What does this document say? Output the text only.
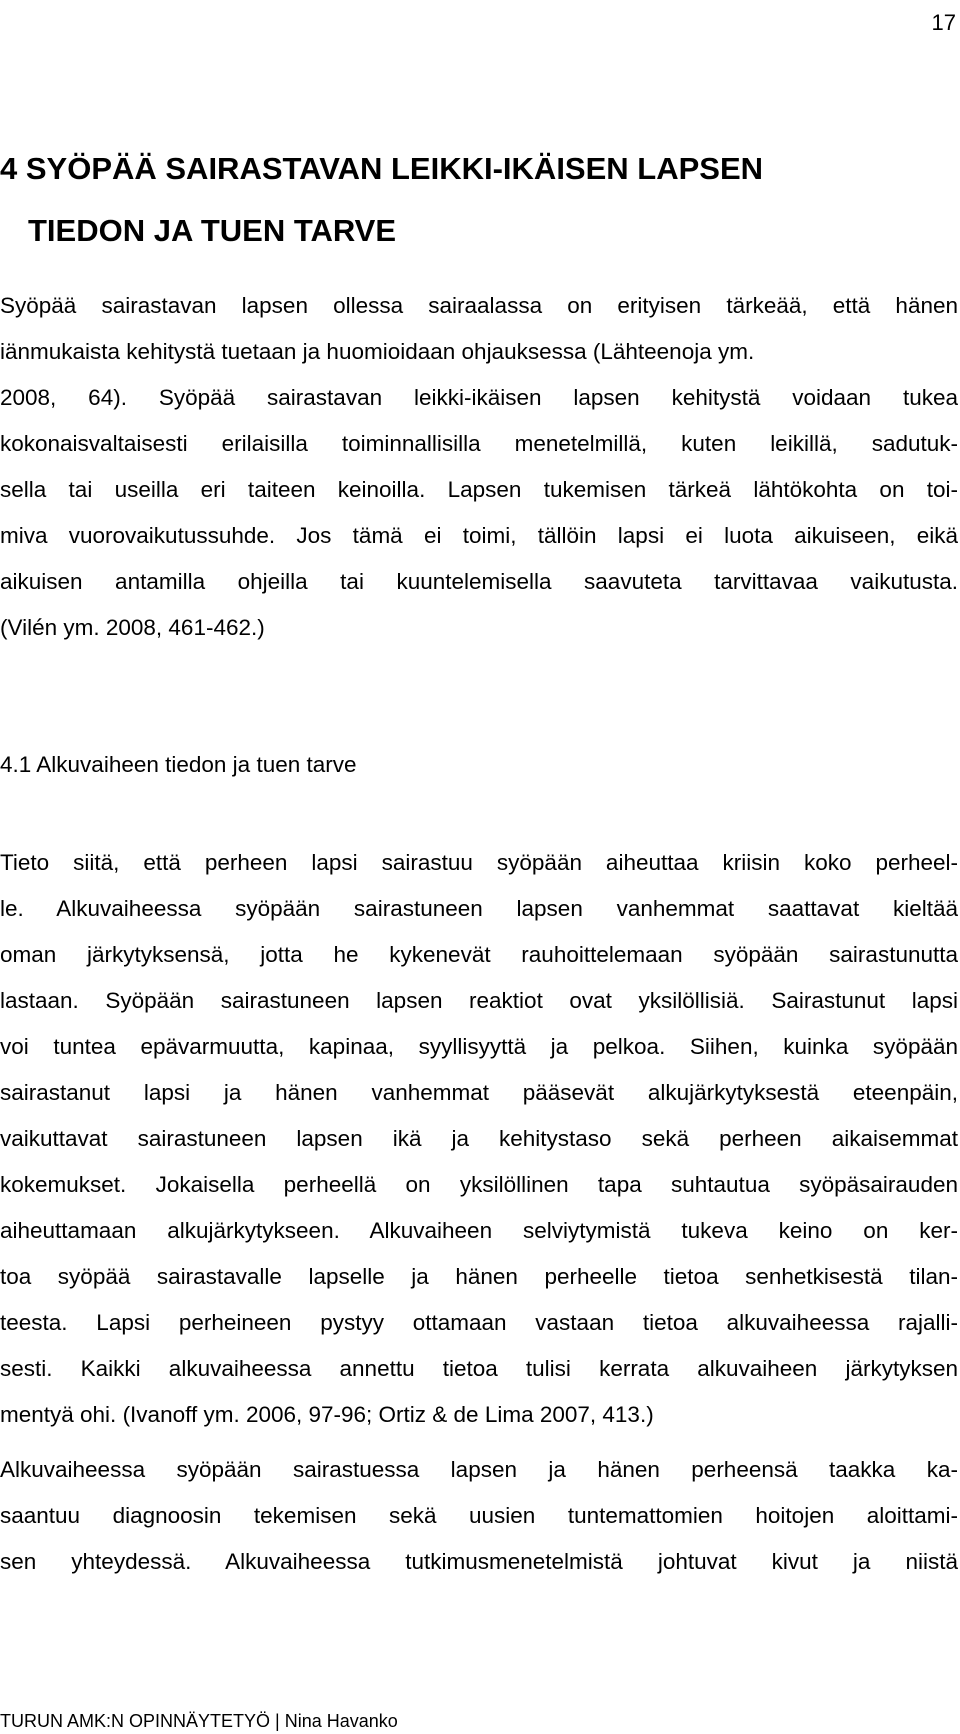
17
4 SYÖPÄÄ SAIRASTAVAN LEIKKI-IKÄISEN LAPSEN
TIEDON JA TUEN TARVE
Syöpää sairastavan lapsen ollessa sairaalassa on erityisen tärkeää, että hänen
iänmukaista kehitystä tuetaan ja huomioidaan ohjauksessa (Lähteenoja ym.
2008, 64). Syöpää sairastavan leikki-ikäisen lapsen kehitystä voidaan tukea
kokonaisvaltaisesti erilaisilla toiminnallisilla menetelmillä, kuten leikillä, sadutuk-
sella tai useilla eri taiteen keinoilla. Lapsen tukemisen tärkeä lähtökohta on toi-
miva vuorovaikutussuhde. Jos tämä ei toimi, tällöin lapsi ei luota aikuiseen, eikä
aikuisen antamilla ohjeilla tai kuuntelemisella saavuteta tarvittavaa vaikutusta.
(Vilén ym. 2008, 461-462.)
4.1 Alkuvaiheen tiedon ja tuen tarve
Tieto siitä, että perheen lapsi sairastuu syöpään aiheuttaa kriisin koko perheel-
le. Alkuvaiheessa syöpään sairastuneen lapsen vanhemmat saattavat kieltää
oman järkytyksensä, jotta he kykenevät rauhoittelemaan syöpään sairastunutta
lastaan. Syöpään sairastuneen lapsen reaktiot ovat yksilöllisiä. Sairastunut lapsi
voi tuntea epävarmuutta, kapinaa, syyllisyyttä ja pelkoa. Siihen, kuinka syöpään
sairastanut lapsi ja hänen vanhemmat pääsevät alkujärkytyksestä eteenpäin,
vaikuttavat sairastuneen lapsen ikä ja kehitystaso sekä perheen aikaisemmat
kokemukset. Jokaisella perheellä on yksilöllinen tapa suhtautua syöpäsairauden
aiheuttamaan alkujärkytykseen. Alkuvaiheen selviytymistä tukeva keino on ker-
toa syöpää sairastavalle lapselle ja hänen perheelle tietoa senhetkisestä tilan-
teesta. Lapsi perheineen pystyy ottamaan vastaan tietoa alkuvaiheessa rajalli-
sesti. Kaikki alkuvaiheessa annettu tietoa tulisi kerrata alkuvaiheen järkytyksen
mentyä ohi. (Ivanoff ym. 2006, 97-96; Ortiz & de Lima 2007, 413.)
Alkuvaiheessa syöpään sairastuessa lapsen ja hänen perheensä taakka ka-
saantuu diagnoosin tekemisen sekä uusien tuntemattomien hoitojen aloittami-
sen yhteydessä. Alkuvaiheessa tutkimusmenetelmistä johtuvat kivut ja niistä
TURUN AMK:N OPINNÄYTETYÖ | Nina Havanko
